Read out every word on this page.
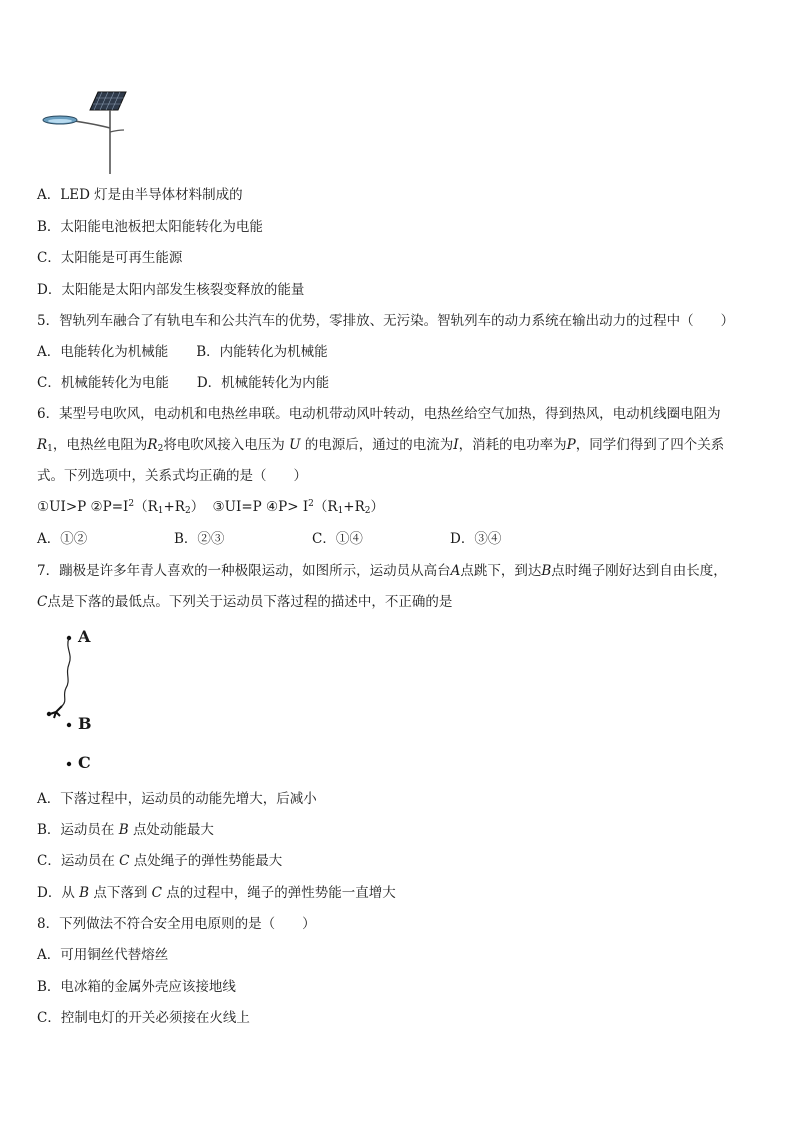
A．LED 灯是由半导体材料制成的
B．太阳能电池板把太阳能转化为电能
C．太阳能是可再生能源
D．太阳能是太阳内部发生核裂变释放的能量
5．智轨列车融合了有轨电车和公共汽车的优势，零排放、无污染。智轨列车的动力系统在输出动力的过程中（　　）
A．电能转化为机械能 B．内能转化为机械能
C．机械能转化为电能 D．机械能转化为内能
6．某型号电吹风，电动机和电热丝串联。电动机带动风叶转动，电热丝给空气加热，得到热风，电动机线圈电阻为
$R_1$，电热丝电阻为$R_2$将电吹风接入电压为 U 的电源后，通过的电流为I，消耗的电功率为P，同学们得到了四个关系
式。下列选项中，关系式均正确的是（　　）
①UI>P $②P=I^2(R_1+R_2)$ ③UI=P ④P> $I^2(R_1+R_2)$
A．①②	B．②③	C．①④	D．③④
7．蹦极是许多年青人喜欢的一种极限运动，如图所示，运动员从高台A点跳下，到达B点时绳子刚好达到自由长度，
C点是下落的最低点。下列关于运动员下落过程的描述中，不正确的是
A
B
C
A．下落过程中，运动员的动能先增大，后减小
B．运动员在 B 点处动能最大
C．运动员在 C 点处绳子的弹性势能最大
D．从 B 点下落到 C 点的过程中，绳子的弹性势能一直增大
8．下列做法不符合安全用电原则的是（　　）
A．可用铜丝代替熔丝
B．电冰箱的金属外壳应该接地线
C．控制电灯的开关必须接在火线上
